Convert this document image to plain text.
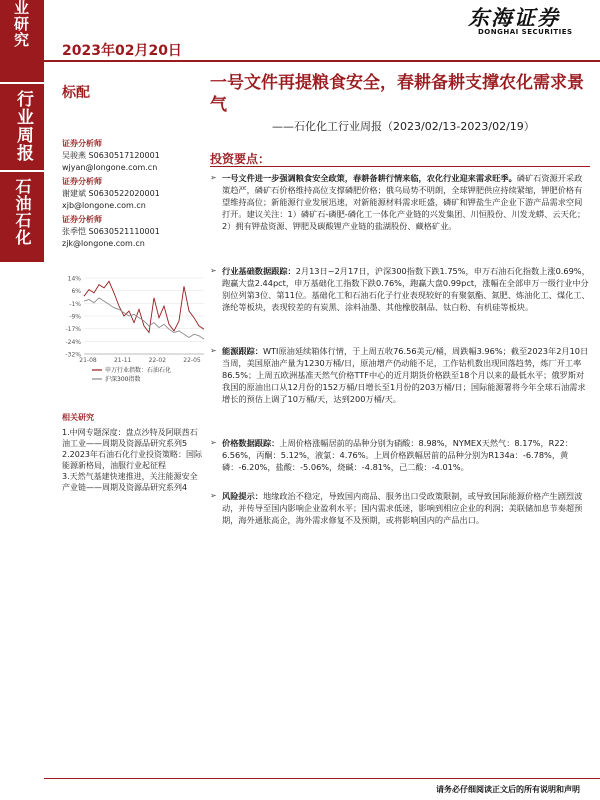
业研究
行业周报
石油石化
2023年02月20日
东海证券
DONGHAI SECURITIES
标配	一号文件再提粮食安全，春耕备耕支撑农化需求景气
——石化化工行业周报（2023/02/13-2023/02/19）
证券分析师
吴骏燕 S0630517120001
wjyan@longone.com.cn
证券分析师
谢建斌 S0630522020001
xjb@longone.com.cn
证券分析师
张季恺 S0630521110001
zjk@longone.com.cn
14%
6%
-1%
-9%
-17%
-24%
-32%
21-08	21-11	22-02	22-05
申万行业指数：石油石化
沪深300指数
相关研究
1.中网专题深度：盘点沙特及阿联酋石油工业——周期及资源品研究系列5
2.2023年石油石化行业投资策略：国际能源新格局，油服行业起征程
3.天然气基建快速推进，关注能源安全产业链——周期及资源品研究系列4
投资要点：
➢ 一号文件进一步强调粮食安全政策，春耕备耕行情来临，农化行业迎来需求旺季。磷矿石资源开采政策趋严，磷矿石价格维持高位支撑磷肥价格；俄乌局势不明朗，全球钾肥供应持续紧缩，钾肥价格有望维持高位；新能源行业发展迅速，对新能源材料需求旺盛，磷矿和钾盐生产企业下游产品需求空间打开。建议关注：1）磷矿石-磷肥-磷化工一体化产业链的兴发集团、川恒股份、川发龙蟒、云天化；2）拥有钾盐资源、钾肥及碳酸锂产业链的盐湖股份、藏格矿业。
➢ 行业基础数据跟踪：2月13日~2月17日，沪深300指数下跌1.75%，申万石油石化指数上涨0.69%，跑赢大盘2.44pct，申万基础化工指数下跌0.76%，跑赢大盘0.99pct，涨幅在全部申万一级行业中分别位列第3位、第11位。基础化工和石油石化子行业表现较好的有聚氨酯、氮肥、炼油化工、煤化工、涤纶等板块，表现较差的有炭黑、涂料油墨、其他橡胶制品、钛白粉、有机硅等板块。
➢ 能源跟踪：WTI原油延续箱体行情，于上周五收76.56美元/桶，周跌幅3.96%；截至2023年2月10日当周，美国原油产量为1230万桶/日，原油增产仍动能不足，工作钻机数出现回落趋势，炼厂开工率86.5%；上周五欧洲基准天然气价格TTF中心的近月期货价格跌至18个月以来的最低水平；俄罗斯对我国的原油出口从12月份的152万桶/日增长至1月份的203万桶/日；国际能源署将今年全球石油需求增长的预估上调了10万桶/天，达到200万桶/天。
➢ 价格数据跟踪：上周价格涨幅居前的品种分别为硝酸：8.98%，NYMEX天然气：8.17%，R22：6.56%，丙酮：5.12%，液氯：4.76%。上周价格跌幅居前的品种分别为R134a：-6.78%，黄磷：-6.20%，盐酸：-5.06%，烧碱：-4.81%，己二酸：-4.01%。
➢ 风险提示：地缘政治不稳定，导致国内商品、服务出口受政策限制，或导致国际能源价格产生剧烈波动，并传导至国内影响企业盈利水平；国内需求低迷，影响到相应企业的利润；美联储加息节奏超预期，海外通胀高企，海外需求修复不及预期，或将影响国内的产品出口。
请务必仔细阅读正文后的所有说明和声明
